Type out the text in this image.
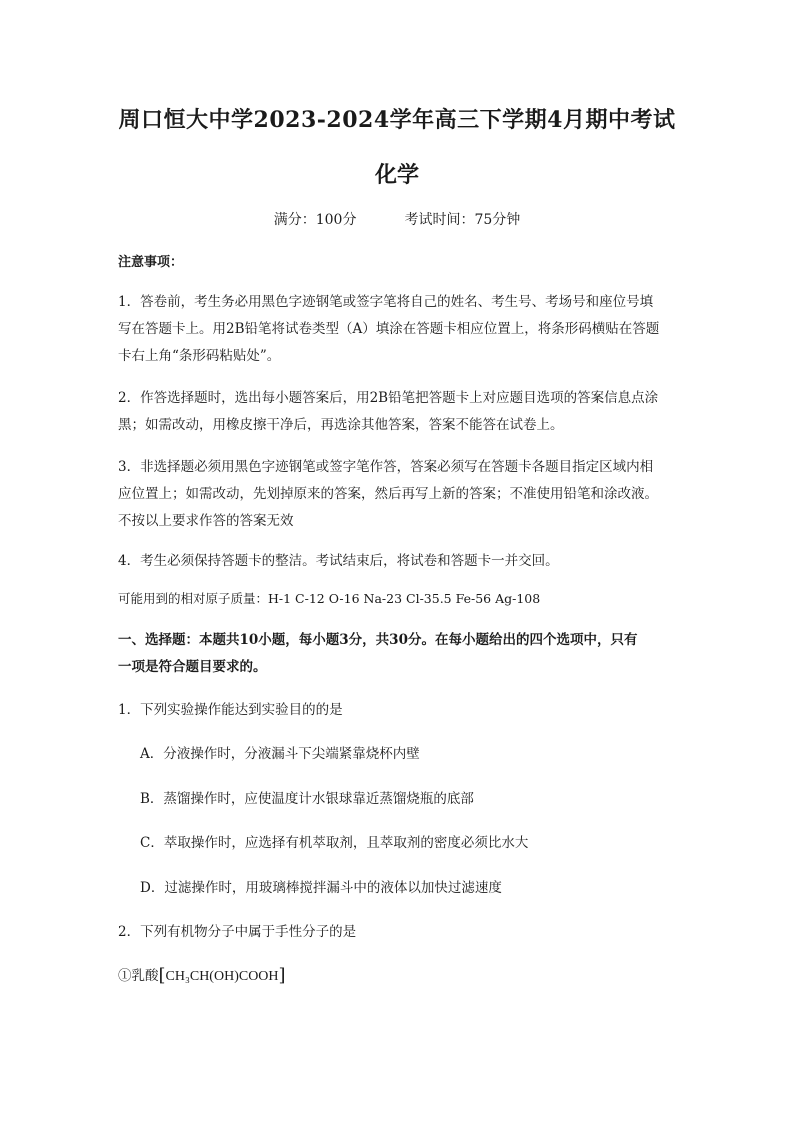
周口恒大中学2023-2024学年高三下学期4月期中考试
化学
满分：100分	考试时间：75分钟
注意事项：
1．答卷前，考生务必用黑色字迹钢笔或签字笔将自己的姓名、考生号、考场号和座位号填
写在答题卡上。用2B铅笔将试卷类型（A）填涂在答题卡相应位置上，将条形码横贴在答题
卡右上角“条形码粘贴处”。
2．作答选择题时，选出每小题答案后，用2B铅笔把答题卡上对应题目选项的答案信息点涂
黑；如需改动，用橡皮擦干净后，再选涂其他答案，答案不能答在试卷上。
3．非选择题必须用黑色字迹钢笔或签字笔作答，答案必须写在答题卡各题目指定区域内相
应位置上；如需改动，先划掉原来的答案，然后再写上新的答案；不准使用铅笔和涂改液。
不按以上要求作答的答案无效
4．考生必须保持答题卡的整洁。考试结束后，将试卷和答题卡一并交回。
可能用到的相对原子质量：H-1 C-12 O-16 Na-23 Cl-35.5 Fe-56 Ag-108
一、选择题：本题共10小题，每小题3分，共30分。在每小题给出的四个选项中，只有
一项是符合题目要求的。
1．下列实验操作能达到实验目的的是
A．分液操作时，分液漏斗下尖端紧靠烧杯内壁
B．蒸馏操作时，应使温度计水银球靠近蒸馏烧瓶的底部
C．萃取操作时，应选择有机萃取剂，且萃取剂的密度必须比水大
D．过滤操作时，用玻璃棒搅拌漏斗中的液体以加快过滤速度
2．下列有机物分子中属于手性分子的是
①乳酸[CH₃CH(OH)COOH]
